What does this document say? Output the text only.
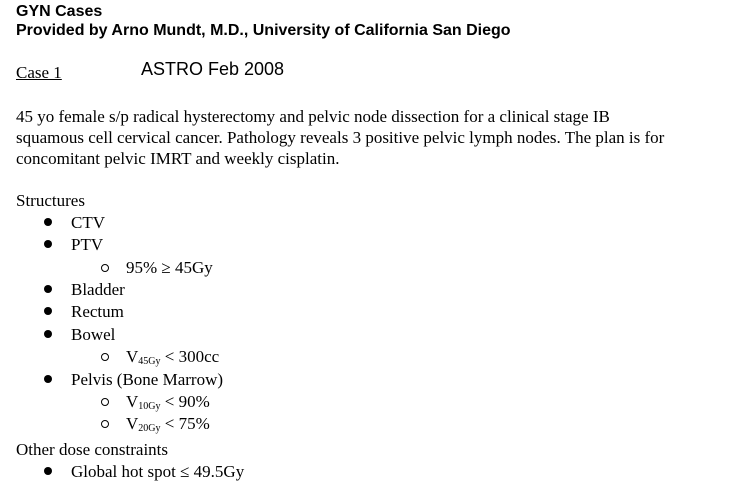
GYN Cases
Provided by Arno Mundt, M.D., University of California San Diego
Case 1	ASTRO Feb 2008
45 yo female s/p radical hysterectomy and pelvic node dissection for a clinical stage IB
squamous cell cervical cancer. Pathology reveals 3 positive pelvic lymph nodes. The plan is for
concomitant pelvic IMRT and weekly cisplatin.
Structures
CTV
PTV
95% ≥ 45Gy
Bladder
Rectum
Bowel
$V_{45Gy} < 300cc$
Pelvis (Bone Marrow)
$V_{10Gy} < 90\%$
$V_{20Gy} < 75\%$
Other dose constraints
Global hot spot ≤ 49.5Gy
